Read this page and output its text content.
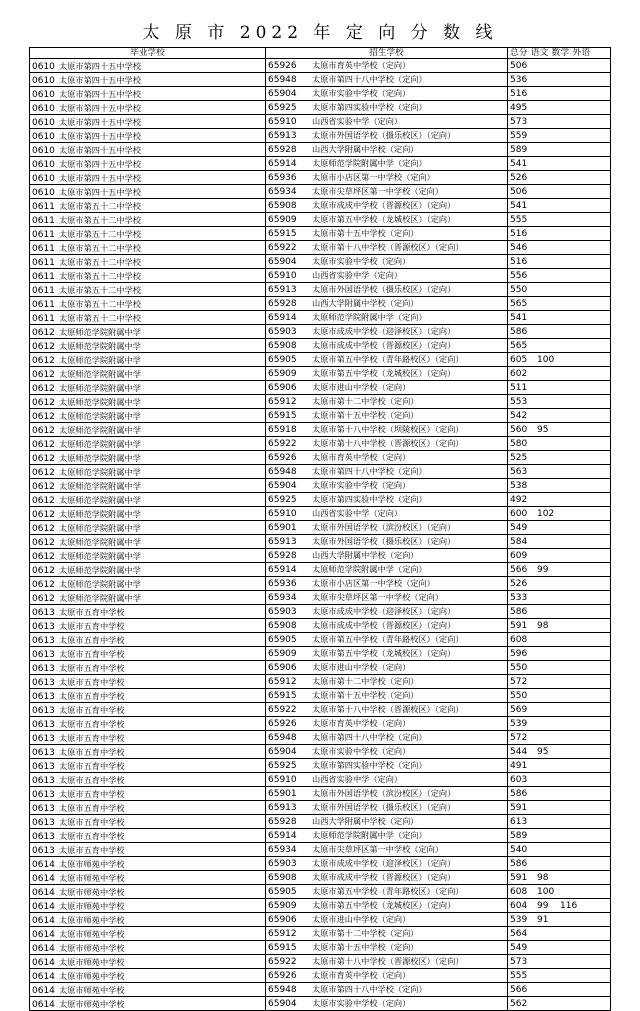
太 原 市 2022 年 定 向 分 数 线
毕业学校	招生学校	总分 语文 数学 外语
0610 太原市第四十五中学校	65926 太原市育英中学校（定向）	506
0610 太原市第四十五中学校	65948 太原市第四十八中学校（定向）	536
0610 太原市第四十五中学校	65904 太原市实验中学校（定向）	516
0610 太原市第四十五中学校	65925 太原市第四实验中学校（定向）	495
0610 太原市第四十五中学校	65910 山西省实验中学（定向）	573
0610 太原市第四十五中学校	65913 太原市外国语学校（摄乐校区）（定向）	559
0610 太原市第四十五中学校	65928 山西大学附属中学校（定向）	589
0610 太原市第四十五中学校	65914 太原师范学院附属中学（定向）	541
0610 太原市第四十五中学校	65936 太原市小店区第一中学校（定向）	526
0610 太原市第四十五中学校	65934 太原市尖草坪区第一中学校（定向）	506
0611 太原市第五十二中学校	65908 太原市成成中学校（晋源校区）（定向）	541
0611 太原市第五十二中学校	65909 太原市第五中学校（龙城校区）（定向）	555
0611 太原市第五十二中学校	65915 太原市第十五中学校（定向）	516
0611 太原市第五十二中学校	65922 太原市第十八中学校（晋源校区）（定向）	546
0611 太原市第五十二中学校	65904 太原市实验中学校（定向）	516
0611 太原市第五十二中学校	65910 山西省实验中学（定向）	556
0611 太原市第五十二中学校	65913 太原市外国语学校（摄乐校区）（定向）	550
0611 太原市第五十二中学校	65928 山西大学附属中学校（定向）	565
0611 太原市第五十二中学校	65914 太原师范学院附属中学（定向）	541
0612 太原师范学院附属中学	65903 太原市成成中学校（迎泽校区）（定向）	586
0612 太原师范学院附属中学	65908 太原市成成中学校（晋源校区）（定向）	565
0612 太原师范学院附属中学	65905 太原市第五中学校（青年路校区）（定向）	605 100
0612 太原师范学院附属中学	65909 太原市第五中学校（龙城校区）（定向）	602
0612 太原师范学院附属中学	65906 太原市进山中学校（定向）	511
0612 太原师范学院附属中学	65912 太原市第十二中学校（定向）	553
0612 太原师范学院附属中学	65915 太原市第十五中学校（定向）	542
0612 太原师范学院附属中学	65918 太原市第十八中学校（坝陵校区）（定向）	560 95
0612 太原师范学院附属中学	65922 太原市第十八中学校（晋源校区）（定向）	580
0612 太原师范学院附属中学	65926 太原市育英中学校（定向）	525
0612 太原师范学院附属中学	65948 太原市第四十八中学校（定向）	563
0612 太原师范学院附属中学	65904 太原市实验中学校（定向）	538
0612 太原师范学院附属中学	65925 太原市第四实验中学校（定向）	492
0612 太原师范学院附属中学	65910 山西省实验中学（定向）	600 102
0612 太原师范学院附属中学	65901 太原市外国语学校（滨汾校区）（定向）	549
0612 太原师范学院附属中学	65913 太原市外国语学校（摄乐校区）（定向）	584
0612 太原师范学院附属中学	65928 山西大学附属中学校（定向）	609
0612 太原师范学院附属中学	65914 太原师范学院附属中学（定向）	566 99
0612 太原师范学院附属中学	65936 太原市小店区第一中学校（定向）	526
0612 太原师范学院附属中学	65934 太原市尖草坪区第一中学校（定向）	533
0613 太原市五育中学校	65903 太原市成成中学校（迎泽校区）（定向）	586
0613 太原市五育中学校	65908 太原市成成中学校（晋源校区）（定向）	591 98
0613 太原市五育中学校	65905 太原市第五中学校（青年路校区）（定向）	608
0613 太原市五育中学校	65909 太原市第五中学校（龙城校区）（定向）	596
0613 太原市五育中学校	65906 太原市进山中学校（定向）	550
0613 太原市五育中学校	65912 太原市第十二中学校（定向）	572
0613 太原市五育中学校	65915 太原市第十五中学校（定向）	550
0613 太原市五育中学校	65922 太原市第十八中学校（晋源校区）（定向）	569
0613 太原市五育中学校	65926 太原市育英中学校（定向）	539
0613 太原市五育中学校	65948 太原市第四十八中学校（定向）	572
0613 太原市五育中学校	65904 太原市实验中学校（定向）	544 95
0613 太原市五育中学校	65925 太原市第四实验中学校（定向）	491
0613 太原市五育中学校	65910 山西省实验中学（定向）	603
0613 太原市五育中学校	65901 太原市外国语学校（滨汾校区）（定向）	586
0613 太原市五育中学校	65913 太原市外国语学校（摄乐校区）（定向）	591
0613 太原市五育中学校	65928 山西大学附属中学校（定向）	613
0613 太原市五育中学校	65914 太原师范学院附属中学（定向）	589
0613 太原市五育中学校	65934 太原市尖草坪区第一中学校（定向）	540
0614 太原市师苑中学校	65903 太原市成成中学校（迎泽校区）（定向）	586
0614 太原市师苑中学校	65908 太原市成成中学校（晋源校区）（定向）	591 98
0614 太原市师苑中学校	65905 太原市第五中学校（青年路校区）（定向）	608 100
0614 太原市师苑中学校	65909 太原市第五中学校（龙城校区）（定向）	604 99 116
0614 太原市师苑中学校	65906 太原市进山中学校（定向）	539 91
0614 太原市师苑中学校	65912 太原市第十二中学校（定向）	564
0614 太原市师苑中学校	65915 太原市第十五中学校（定向）	549
0614 太原市师苑中学校	65922 太原市第十八中学校（晋源校区）（定向）	573
0614 太原市师苑中学校	65926 太原市育英中学校（定向）	555
0614 太原市师苑中学校	65948 太原市第四十八中学校（定向）	566
0614 太原市师苑中学校	65904 太原市实验中学校（定向）	562
